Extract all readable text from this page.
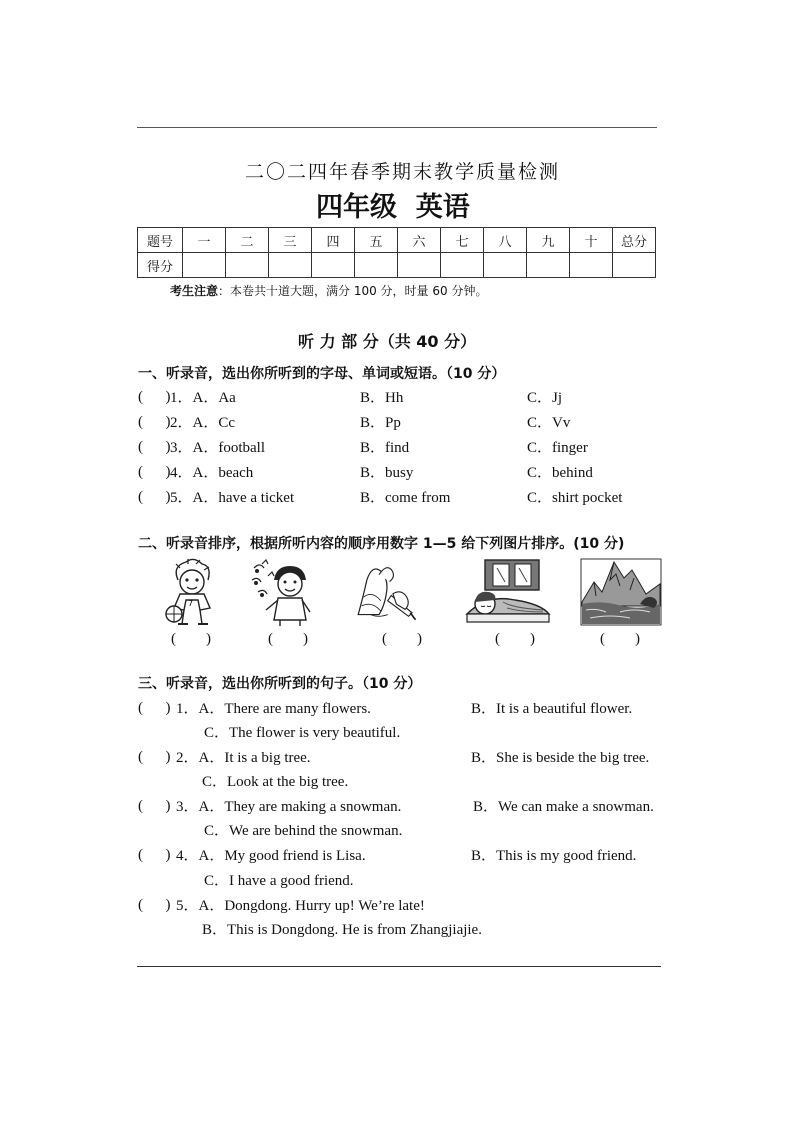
二〇二四年春季期末教学质量检测
四年级  英语
题号	一	二	三	四	五	六	七	八	九	十	总分
得分											
考生注意：本卷共十道大题，满分 100 分，时量 60 分钟。
听 力 部 分（共 40 分）
一、听录音，选出你所听到的字母、单词或短语。（10 分）
(      ) 1．A．Aa	B．Hh	C．Jj
(      ) 2．A．Cc	B．Pp	C．Vv
(      ) 3．A．football	B．find	C．finger
(      ) 4．A．beach	B．busy	C．behind
(      ) 5．A．have a ticket	B．come from	C．shirt pocket
二、听录音排序，根据所听内容的顺序用数字 1—5 给下列图片排序。(10 分)
7
(        )	(        )	(        )	(        )	(        )
三、听录音，选出你所听到的句子。（10 分）
(      ) 1．A．There are many flowers.	B．It is a beautiful flower.
C．The flower is very beautiful.
(      ) 2．A．It is a big tree.	B．She is beside the big tree.
C．Look at the big tree.
(      ) 3．A．They are making a snowman.	B．We can make a snowman.
C．We are behind the snowman.
(      ) 4．A．My good friend is Lisa.	B．This is my good friend.
C．I have a good friend.
(      ) 5．A．Dongdong. Hurry up! We’re late!
B．This is Dongdong. He is from Zhangjiajie.
